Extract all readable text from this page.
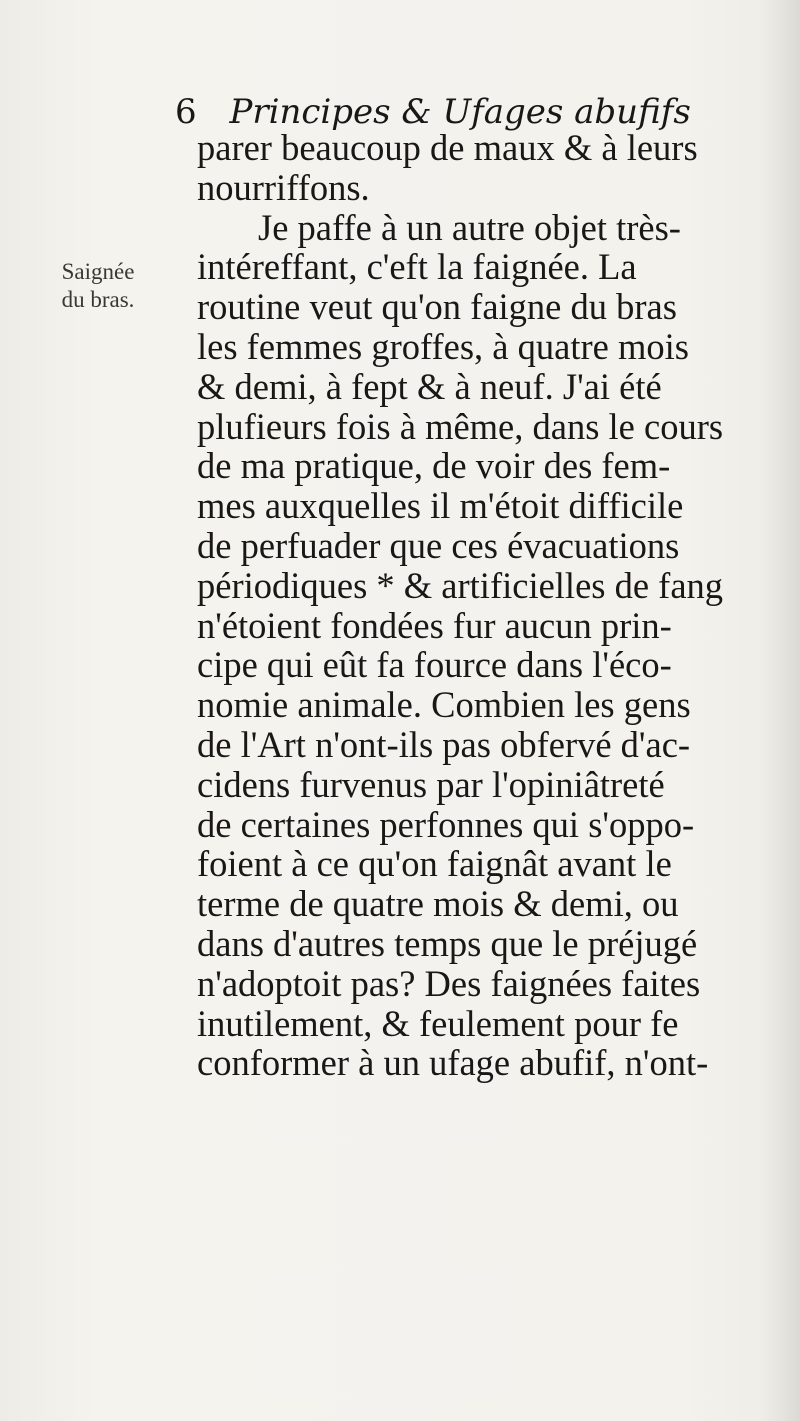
6 Principes & Ufages abufifs
Saignée
du bras.
parer beaucoup de maux & à leurs
nourriffons.
Je paffe à un autre objet très-
intéreffant, c'eft la faignée. La
routine veut qu'on faigne du bras
les femmes groffes, à quatre mois
& demi, à fept & à neuf. J'ai été
plufieurs fois à même, dans le cours
de ma pratique, de voir des fem-
mes auxquelles il m'étoit difficile
de perfuader que ces évacuations
périodiques * & artificielles de fang
n'étoient fondées fur aucun prin-
cipe qui eût fa fource dans l'éco-
nomie animale. Combien les gens
de l'Art n'ont-ils pas obfervé d'ac-
cidens furvenus par l'opiniâtreté
de certaines perfonnes qui s'oppo-
foient à ce qu'on faignât avant le
terme de quatre mois & demi, ou
dans d'autres temps que le préjugé
n'adoptoit pas? Des faignées faites
inutilement, & feulement pour fe
conformer à un ufage abufif, n'ont-
